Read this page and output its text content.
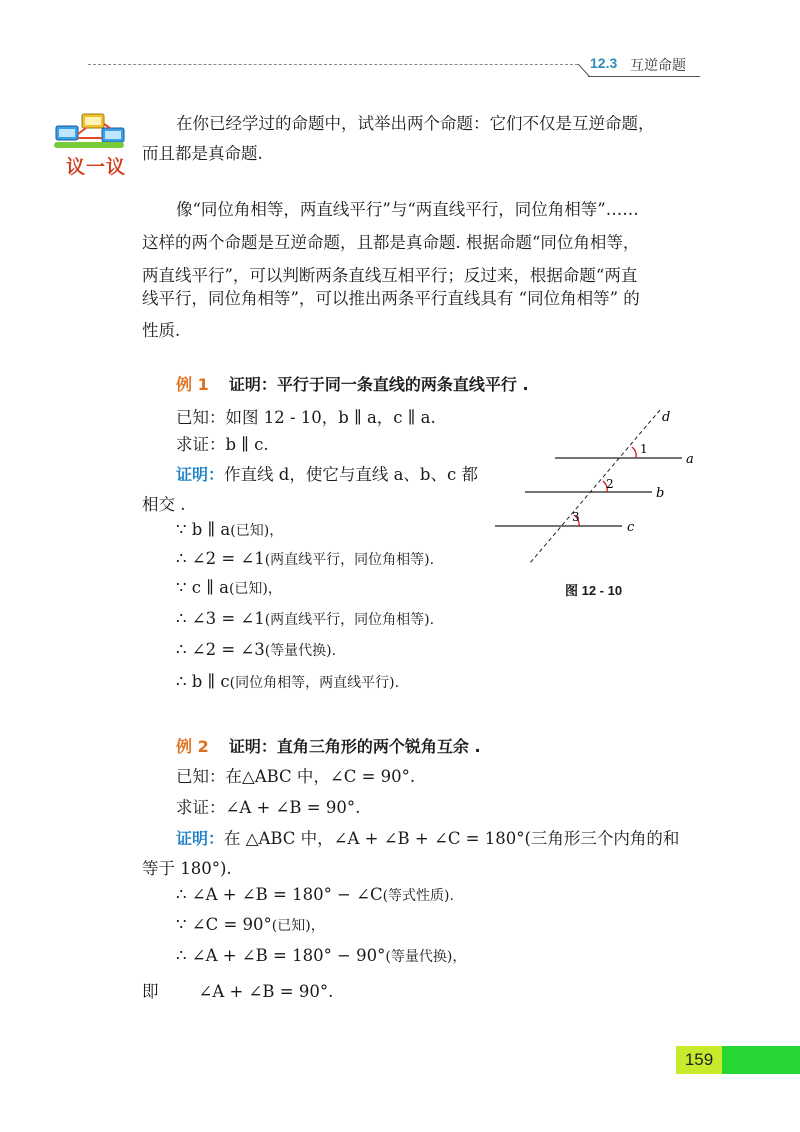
12.3 互逆命题
议一议
在你已经学过的命题中，试举出两个命题：它们不仅是互逆命题，
而且都是真命题.
像“同位角相等，两直线平行”与“两直线平行，同位角相等”……
这样的两个命题是互逆命题，且都是真命题. 根据命题“同位角相等，
两直线平行”，可以判断两条直线互相平行；反过来，根据命题“两直
线平行，同位角相等”，可以推出两条平行直线具有 “同位角相等” 的
性质.
例 1 证明：平行于同一条直线的两条直线平行 .
已知：如图 12 - 10，b ∥ a，c ∥ a.
求证：b ∥ c.
证明：作直线 d，使它与直线 a、b、c 都
相交 .
∵ b ∥ a(已知)，
∴ ∠2 = ∠1(两直线平行，同位角相等).
∵ c ∥ a(已知)，
∴ ∠3 = ∠1(两直线平行，同位角相等).
∴ ∠2 = ∠3(等量代换).
∴ b ∥ c(同位角相等，两直线平行).
a
b
c
d
1
2
3
图 12 - 10
例 2 证明：直角三角形的两个锐角互余 .
已知：在△ABC 中，∠C = 90°.
求证：∠A + ∠B = 90°.
证明：在 △ABC 中，∠A + ∠B + ∠C = 180°(三角形三个内角的和
等于 180°).
∴ ∠A + ∠B = 180° − ∠C(等式性质).
∵ ∠C = 90°(已知)，
∴ ∠A + ∠B = 180° − 90°(等量代换)，
即 ∠A + ∠B = 90°.
159
